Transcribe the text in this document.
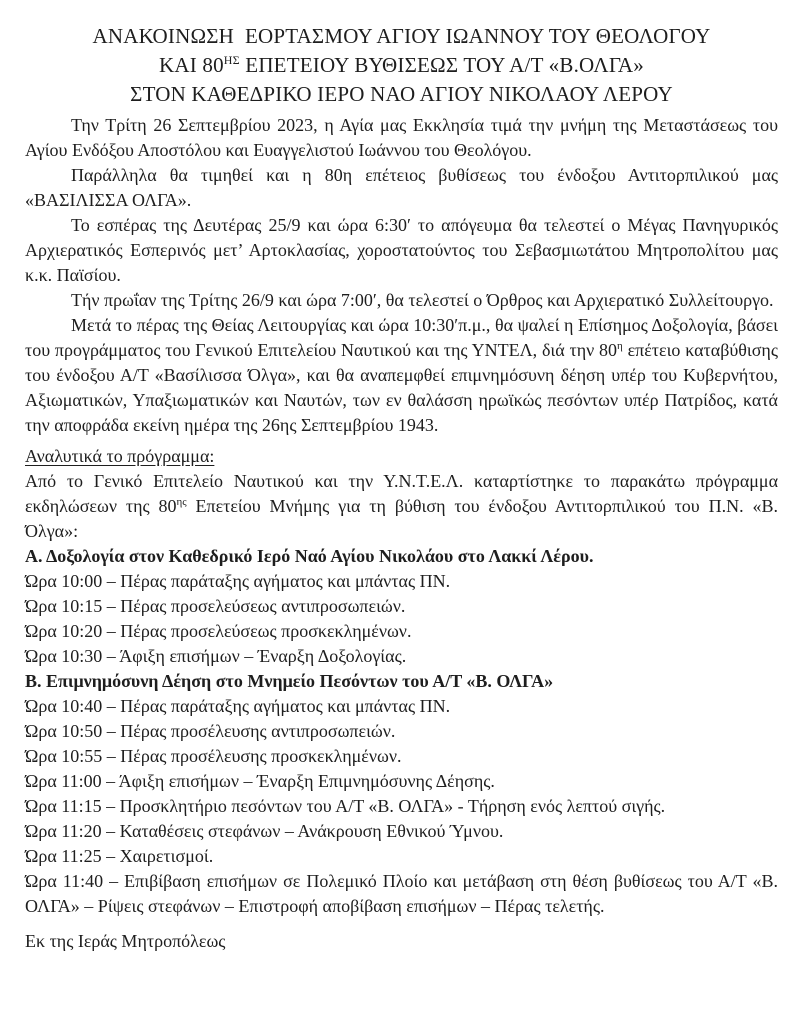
ΑΝΑΚΟΙΝΩΣΗ  ΕΟΡΤΑΣΜΟΥ ΑΓΙΟΥ ΙΩΑΝΝΟΥ ΤΟΥ ΘΕΟΛΟΓΟΥ
ΚΑΙ $80^{H\Sigma}$ ΕΠΕΤΕΙΟΥ ΒΥΘΙΣΕΩΣ ΤΟΥ Α/Τ «Β.ΟΛΓΑ»
ΣΤΟΝ ΚΑΘΕΔΡΙΚΟ ΙΕΡΟ ΝΑΟ ΑΓΙΟΥ ΝΙΚΟΛΑΟΥ ΛΕΡΟΥ

Την Τρίτη 26 Σεπτεμβρίου 2023, η Αγία μας Εκκλησία τιμά την μνήμη της Μεταστάσεως του Αγίου Ενδόξου Αποστόλου και Ευαγγελιστού Ιωάννου του Θεολόγου.

Παράλληλα θα τιμηθεί και η 80η επέτειος βυθίσεως του ένδοξου Αντιτορπιλικού μας «ΒΑΣΙΛΙΣΣΑ ΟΛΓΑ».

Το εσπέρας της Δευτέρας 25/9 και ώρα 6:30′ το απόγευμα θα τελεστεί ο Μέγας Πανηγυρικός Αρχιερατικός Εσπερινός μετ’ Αρτοκλασίας, χοροστατούντος του Σεβασμιωτάτου Μητροπολίτου μας κ.κ. Παϊσίου.

Τήν πρωΐαν της Τρίτης 26/9 και ώρα 7:00′, θα τελεστεί ο Όρθρος και Αρχιερατικό Συλλείτουργο.

Μετά το πέρας της Θείας Λειτουργίας και ώρα 10:30′π.μ., θα ψαλεί η Επίσημος Δοξολογία, βάσει του προγράμματος του Γενικού Επιτελείου Ναυτικού και της ΥΝΤΕΛ, διά την $80^\eta$ επέτειο καταβύθισης του ένδοξου Α/Τ «Βασίλισσα Όλγα», και θα αναπεμφθεί επιμνημόσυνη δέηση υπέρ του Κυβερνήτου, Αξιωματικών, Υπαξιωματικών και Ναυτών, των εν θαλάσση ηρωϊκώς πεσόντων υπέρ Πατρίδος, κατά την αποφράδα εκείνη ημέρα της 26ης Σεπτεμβρίου 1943.

Αναλυτικά το πρόγραμμα:

Από το Γενικό Επιτελείο Ναυτικού και την Υ.Ν.Τ.Ε.Λ. καταρτίστηκε το παρακάτω πρόγραμμα εκδηλώσεων της $80^{\eta\varsigma}$ Επετείου Μνήμης για τη βύθιση του ένδοξου Αντιτορπιλικού του Π.Ν. «Β. Όλγα»:

Α. Δοξολογία στον Καθεδρικό Ιερό Ναό Αγίου Νικολάου στο Λακκί Λέρου.
Ώρα 10:00 – Πέρας παράταξης αγήματος και μπάντας ΠΝ.
Ώρα 10:15 – Πέρας προσελεύσεως αντιπροσωπειών.
Ώρα 10:20 – Πέρας προσελεύσεως προσκεκλημένων.
Ώρα 10:30 – Άφιξη επισήμων – Έναρξη Δοξολογίας.
Β. Επιμνημόσυνη Δέηση στο Μνημείο Πεσόντων του Α/Τ «Β. ΟΛΓΑ»
Ώρα 10:40 – Πέρας παράταξης αγήματος και μπάντας ΠΝ.
Ώρα 10:50 – Πέρας προσέλευσης αντιπροσωπειών.
Ώρα 10:55 – Πέρας προσέλευσης προσκεκλημένων.
Ώρα 11:00 – Άφιξη επισήμων – Έναρξη Επιμνημόσυνης Δέησης.
Ώρα 11:15 – Προσκλητήριο πεσόντων του Α/Τ «Β. ΟΛΓΑ» - Τήρηση ενός λεπτού σιγής.
Ώρα 11:20 – Καταθέσεις στεφάνων – Ανάκρουση Εθνικού Ύμνου.
Ώρα 11:25 – Χαιρετισμοί.
Ώρα 11:40 – Επιβίβαση επισήμων σε Πολεμικό Πλοίο και μετάβαση στη θέση βυθίσεως του Α/Τ «Β. ΟΛΓΑ» – Ρίψεις στεφάνων – Επιστροφή αποβίβαση επισήμων – Πέρας τελετής.
Εκ της Ιεράς Μητροπόλεως
